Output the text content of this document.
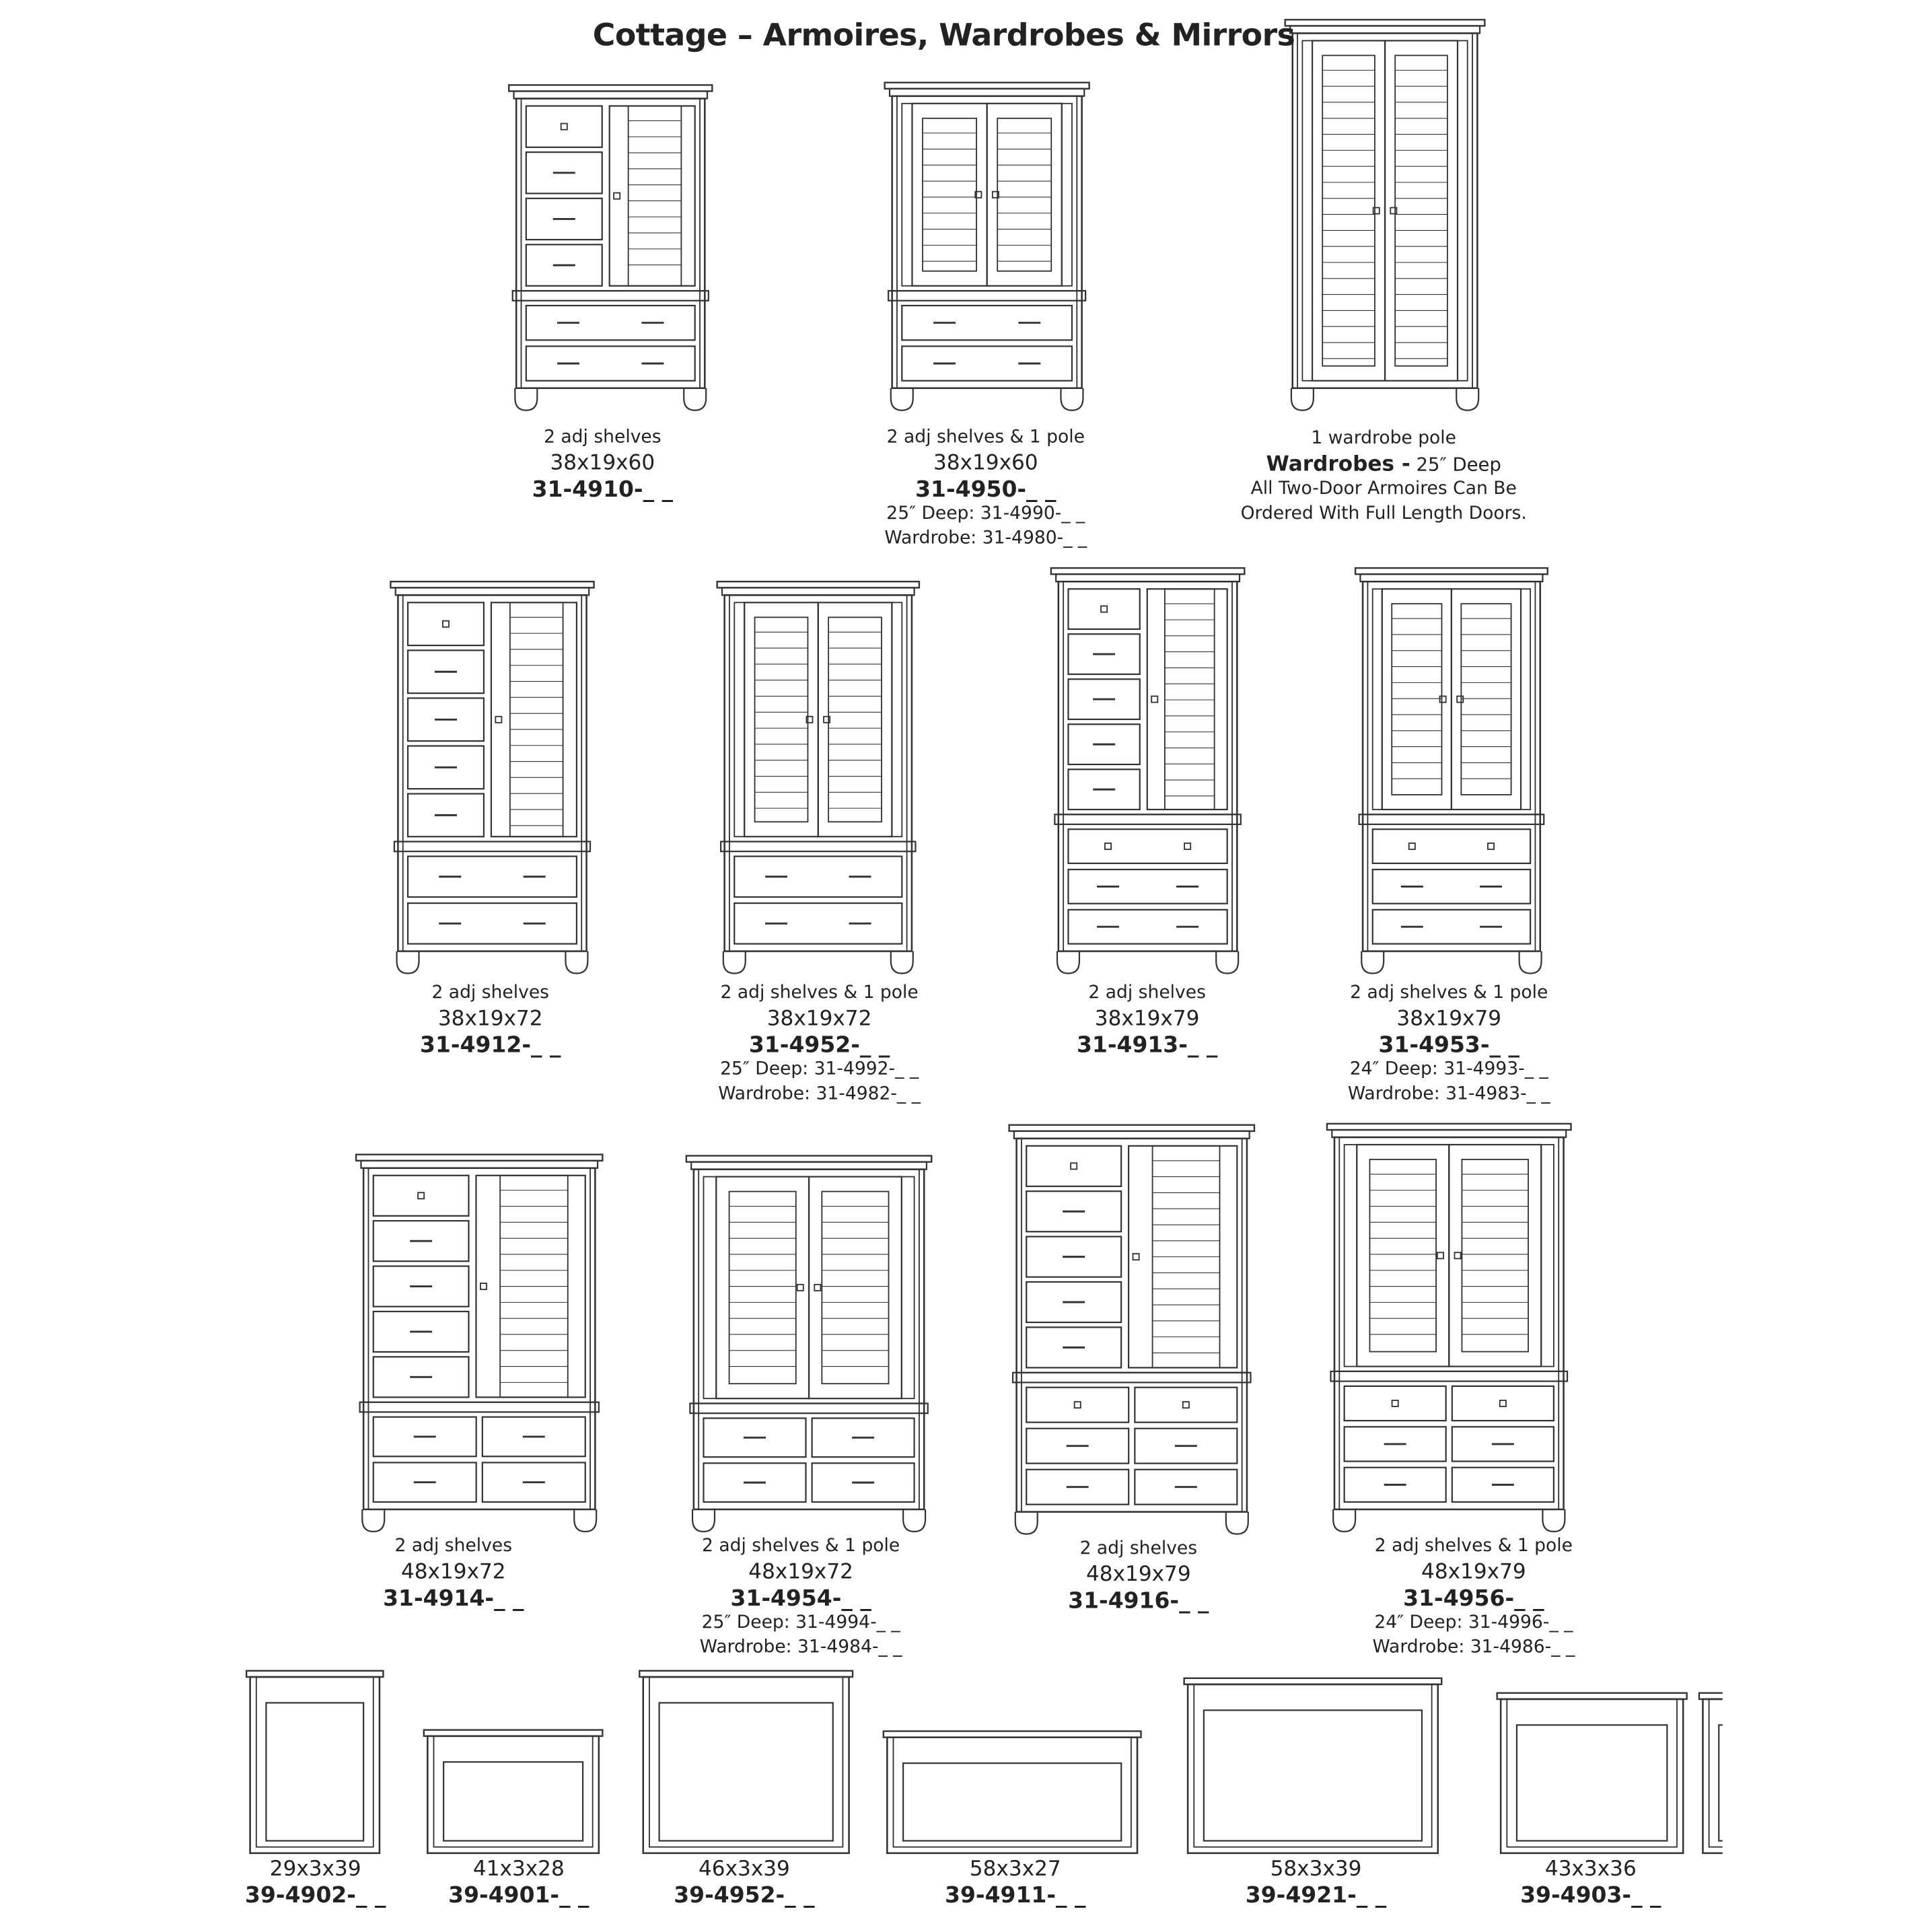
Cottage – Armoires, Wardrobes & Mirrors
2 adj shelves
38x19x60
31-4910-_ _
2 adj shelves & 1 pole
38x19x60
31-4950-_ _
25″ Deep: 31-4990-_ _
Wardrobe: 31-4980-_ _
1 wardrobe pole
Wardrobes - 25″ Deep
All Two-Door Armoires Can Be
Ordered With Full Length Doors.
2 adj shelves
38x19x72
31-4912-_ _
2 adj shelves & 1 pole
38x19x72
31-4952-_ _
25″ Deep: 31-4992-_ _
Wardrobe: 31-4982-_ _
2 adj shelves
38x19x79
31-4913-_ _
2 adj shelves & 1 pole
38x19x79
31-4953-_ _
24″ Deep: 31-4993-_ _
Wardrobe: 31-4983-_ _
2 adj shelves
48x19x72
31-4914-_ _
2 adj shelves & 1 pole
48x19x72
31-4954-_ _
25″ Deep: 31-4994-_ _
Wardrobe: 31-4984-_ _
2 adj shelves
48x19x79
31-4916-_ _
2 adj shelves & 1 pole
48x19x79
31-4956-_ _
24″ Deep: 31-4996-_ _
Wardrobe: 31-4986-_ _
29x3x39
39-4902-_ _
41x3x28
39-4901-_ _
46x3x39
39-4952-_ _
58x3x27
39-4911-_ _
58x3x39
39-4921-_ _
43x3x36
39-4903-_ _
